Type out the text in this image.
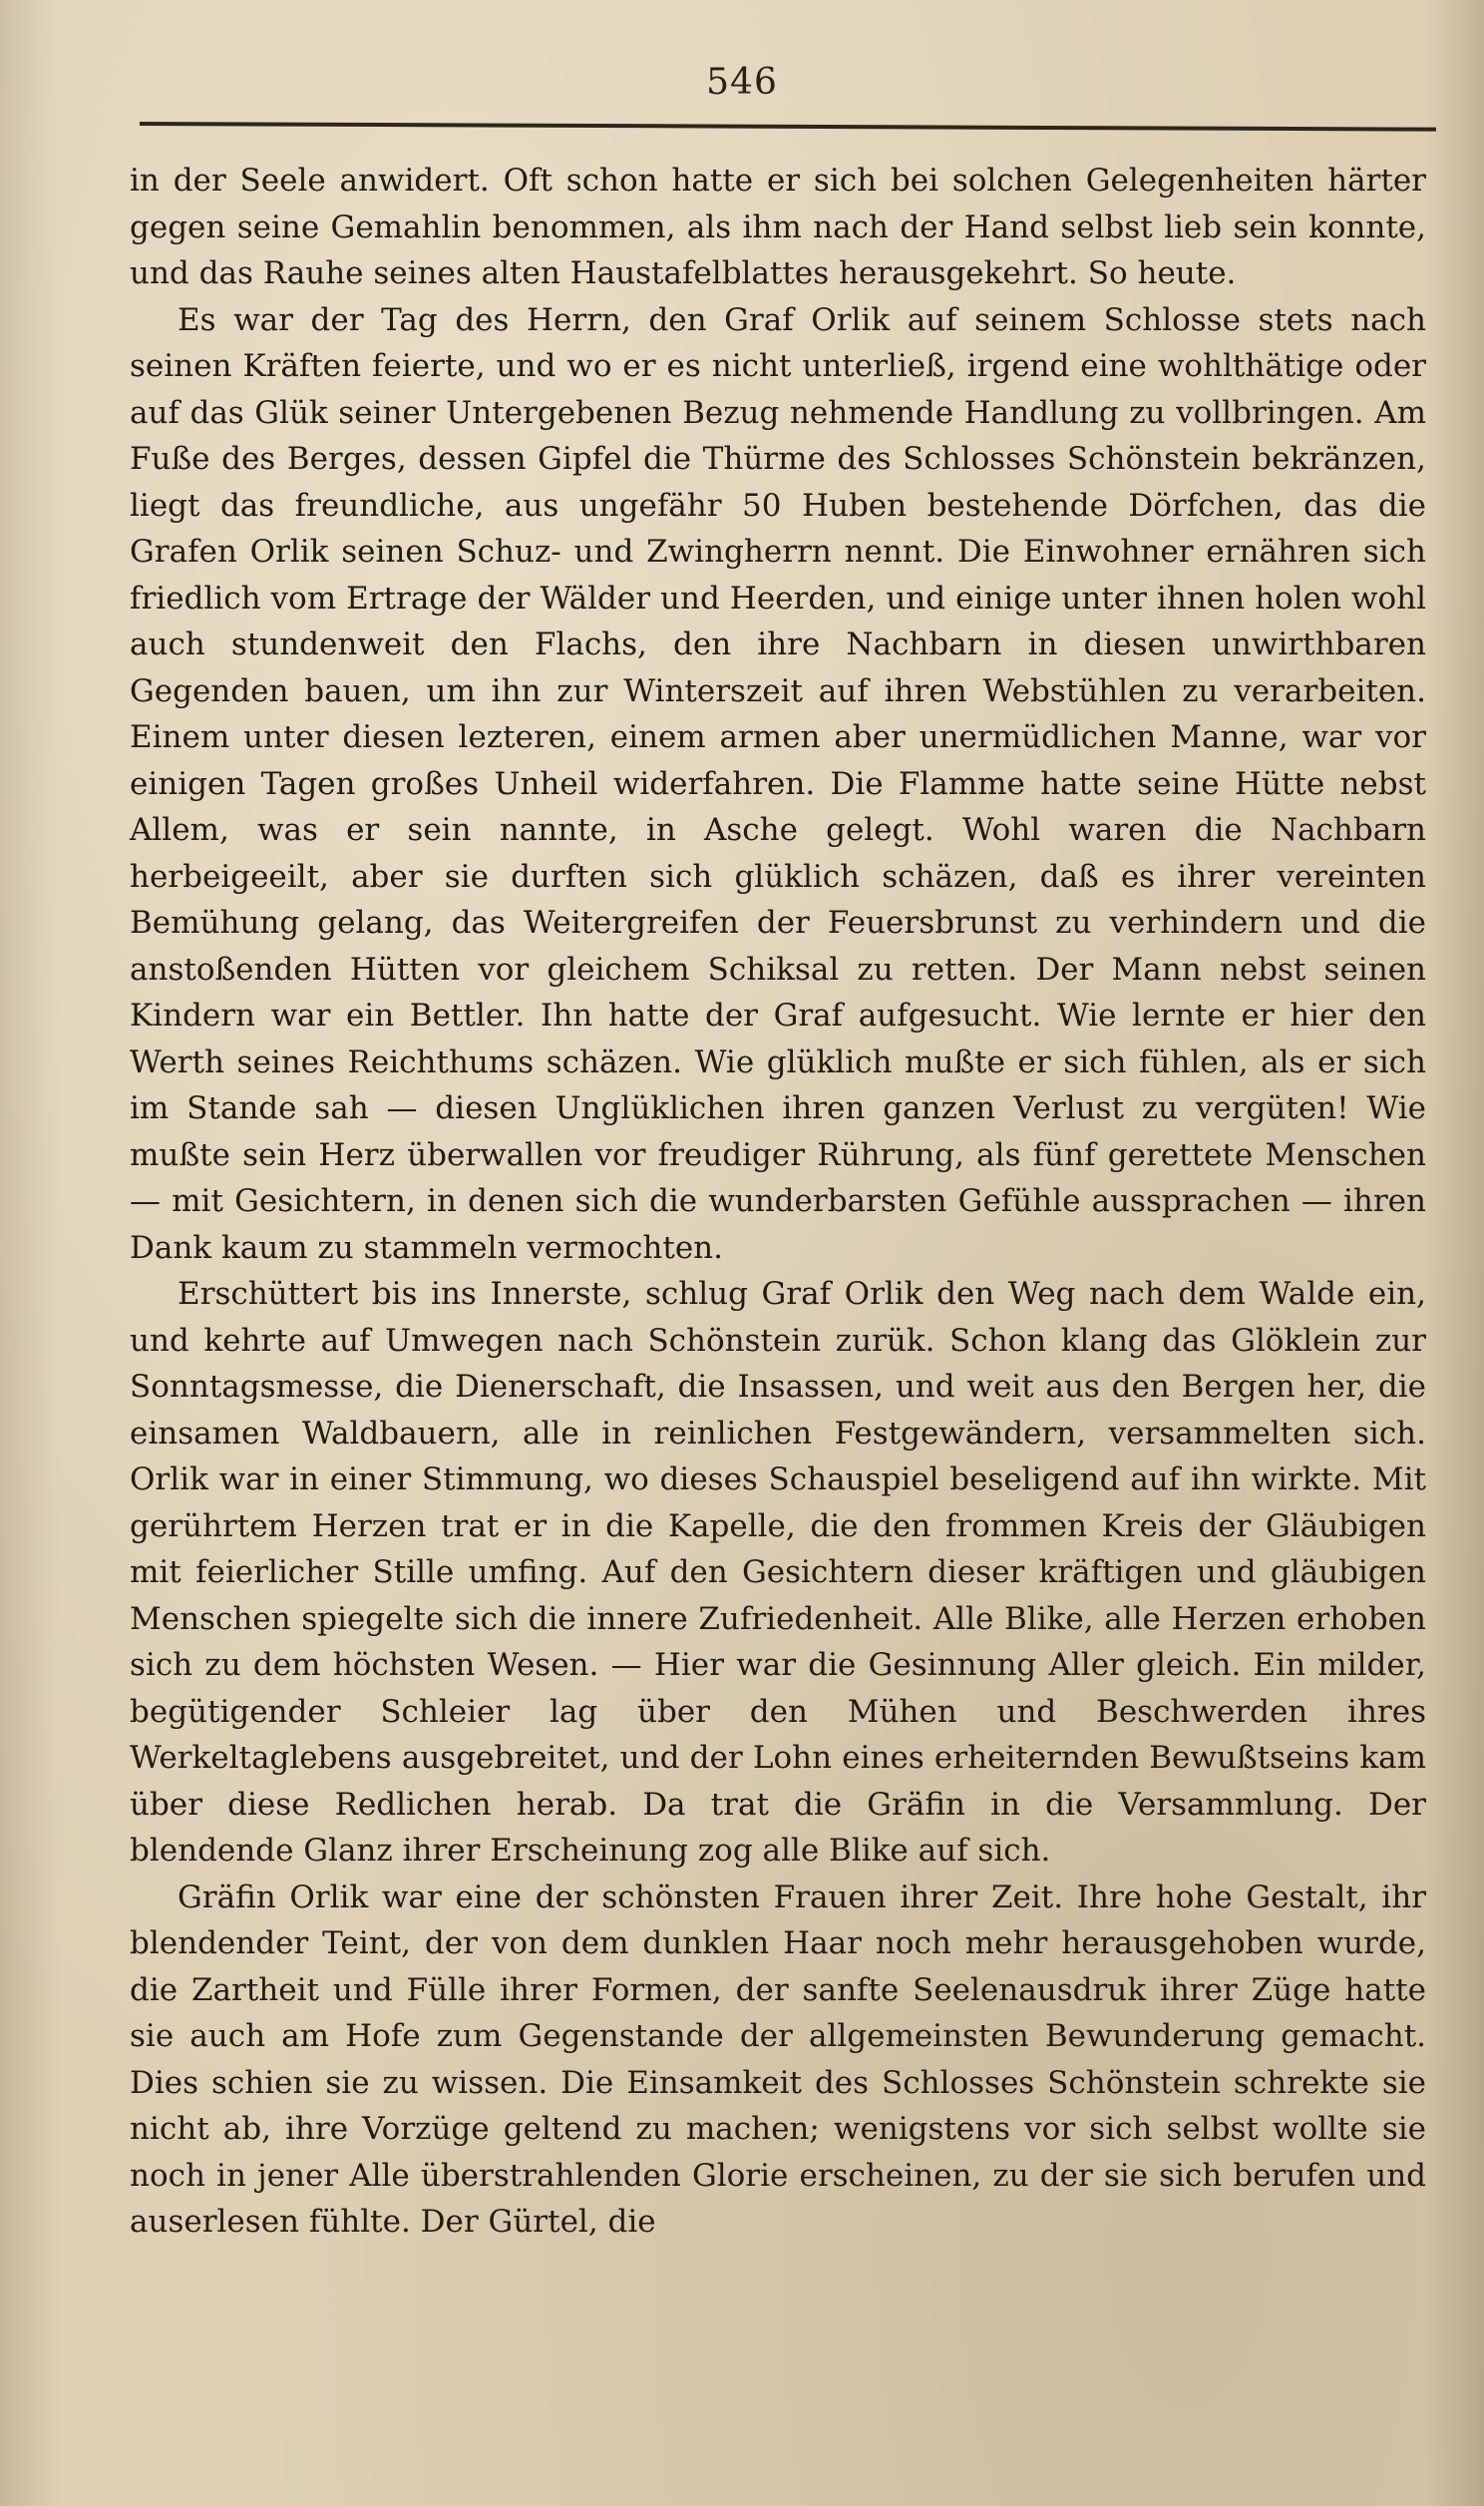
546

in der Seele anwidert. Oft schon hatte er sich bei solchen Gelegenheiten härter gegen seine Gemahlin benommen, als ihm nach der Hand selbst lieb sein konnte, und das Rauhe seines alten Haustafelblattes herausgekehrt. So heute.

Es war der Tag des Herrn, den Graf Orlik auf seinem Schlosse stets nach seinen Kräften feierte, und wo er es nicht unterließ, irgend eine wohlthätige oder auf das Glük seiner Untergebenen Bezug nehmende Handlung zu vollbringen. Am Fuße des Berges, dessen Gipfel die Thürme des Schlosses Schönstein bekränzen, liegt das freundliche, aus ungefähr 50 Huben bestehende Dörfchen, das die Grafen Orlik seinen Schuz- und Zwingherrn nennt. Die Einwohner ernähren sich friedlich vom Ertrage der Wälder und Heerden, und einige unter ihnen holen wohl auch stundenweit den Flachs, den ihre Nachbarn in diesen unwirthbaren Gegenden bauen, um ihn zur Winterszeit auf ihren Webstühlen zu verarbeiten. Einem unter diesen lezteren, einem armen aber unermüdlichen Manne, war vor einigen Tagen großes Unheil widerfahren. Die Flamme hatte seine Hütte nebst Allem, was er sein nannte, in Asche gelegt. Wohl waren die Nachbarn herbeigeeilt, aber sie durften sich glüklich schäzen, daß es ihrer vereinten Bemühung gelang, das Weitergreifen der Feuersbrunst zu verhindern und die anstoßenden Hütten vor gleichem Schiksal zu retten. Der Mann nebst seinen Kindern war ein Bettler. Ihn hatte der Graf aufgesucht. Wie lernte er hier den Werth seines Reichthums schäzen. Wie glüklich mußte er sich fühlen, als er sich im Stande sah — diesen Unglüklichen ihren ganzen Verlust zu vergüten! Wie mußte sein Herz überwallen vor freudiger Rührung, als fünf gerettete Menschen — mit Gesichtern, in denen sich die wunderbarsten Gefühle aussprachen — ihren Dank kaum zu stammeln vermochten.

Erschüttert bis ins Innerste, schlug Graf Orlik den Weg nach dem Walde ein, und kehrte auf Umwegen nach Schönstein zurük. Schon klang das Glöklein zur Sonntagsmesse, die Dienerschaft, die Insassen, und weit aus den Bergen her, die einsamen Waldbauern, alle in reinlichen Festgewändern, versammelten sich. Orlik war in einer Stimmung, wo dieses Schauspiel beseligend auf ihn wirkte. Mit gerührtem Herzen trat er in die Kapelle, die den frommen Kreis der Gläubigen mit feierlicher Stille umfing. Auf den Gesichtern dieser kräftigen und gläubigen Menschen spiegelte sich die innere Zufriedenheit. Alle Blike, alle Herzen erhoben sich zu dem höchsten Wesen. — Hier war die Gesinnung Aller gleich. Ein milder, begütigender Schleier lag über den Mühen und Beschwerden ihres Werkeltaglebens ausgebreitet, und der Lohn eines erheiternden Bewußtseins kam über diese Redlichen herab. Da trat die Gräfin in die Versammlung. Der blendende Glanz ihrer Erscheinung zog alle Blike auf sich.

Gräfin Orlik war eine der schönsten Frauen ihrer Zeit. Ihre hohe Gestalt, ihr blendender Teint, der von dem dunklen Haar noch mehr herausgehoben wurde, die Zartheit und Fülle ihrer Formen, der sanfte Seelenausdruk ihrer Züge hatte sie auch am Hofe zum Gegenstande der allgemeinsten Bewunderung gemacht. Dies schien sie zu wissen. Die Einsamkeit des Schlosses Schönstein schrekte sie nicht ab, ihre Vorzüge geltend zu machen; wenigstens vor sich selbst wollte sie noch in jener Alle überstrahlenden Glorie erscheinen, zu der sie sich berufen und auserlesen fühlte. Der Gürtel, die
